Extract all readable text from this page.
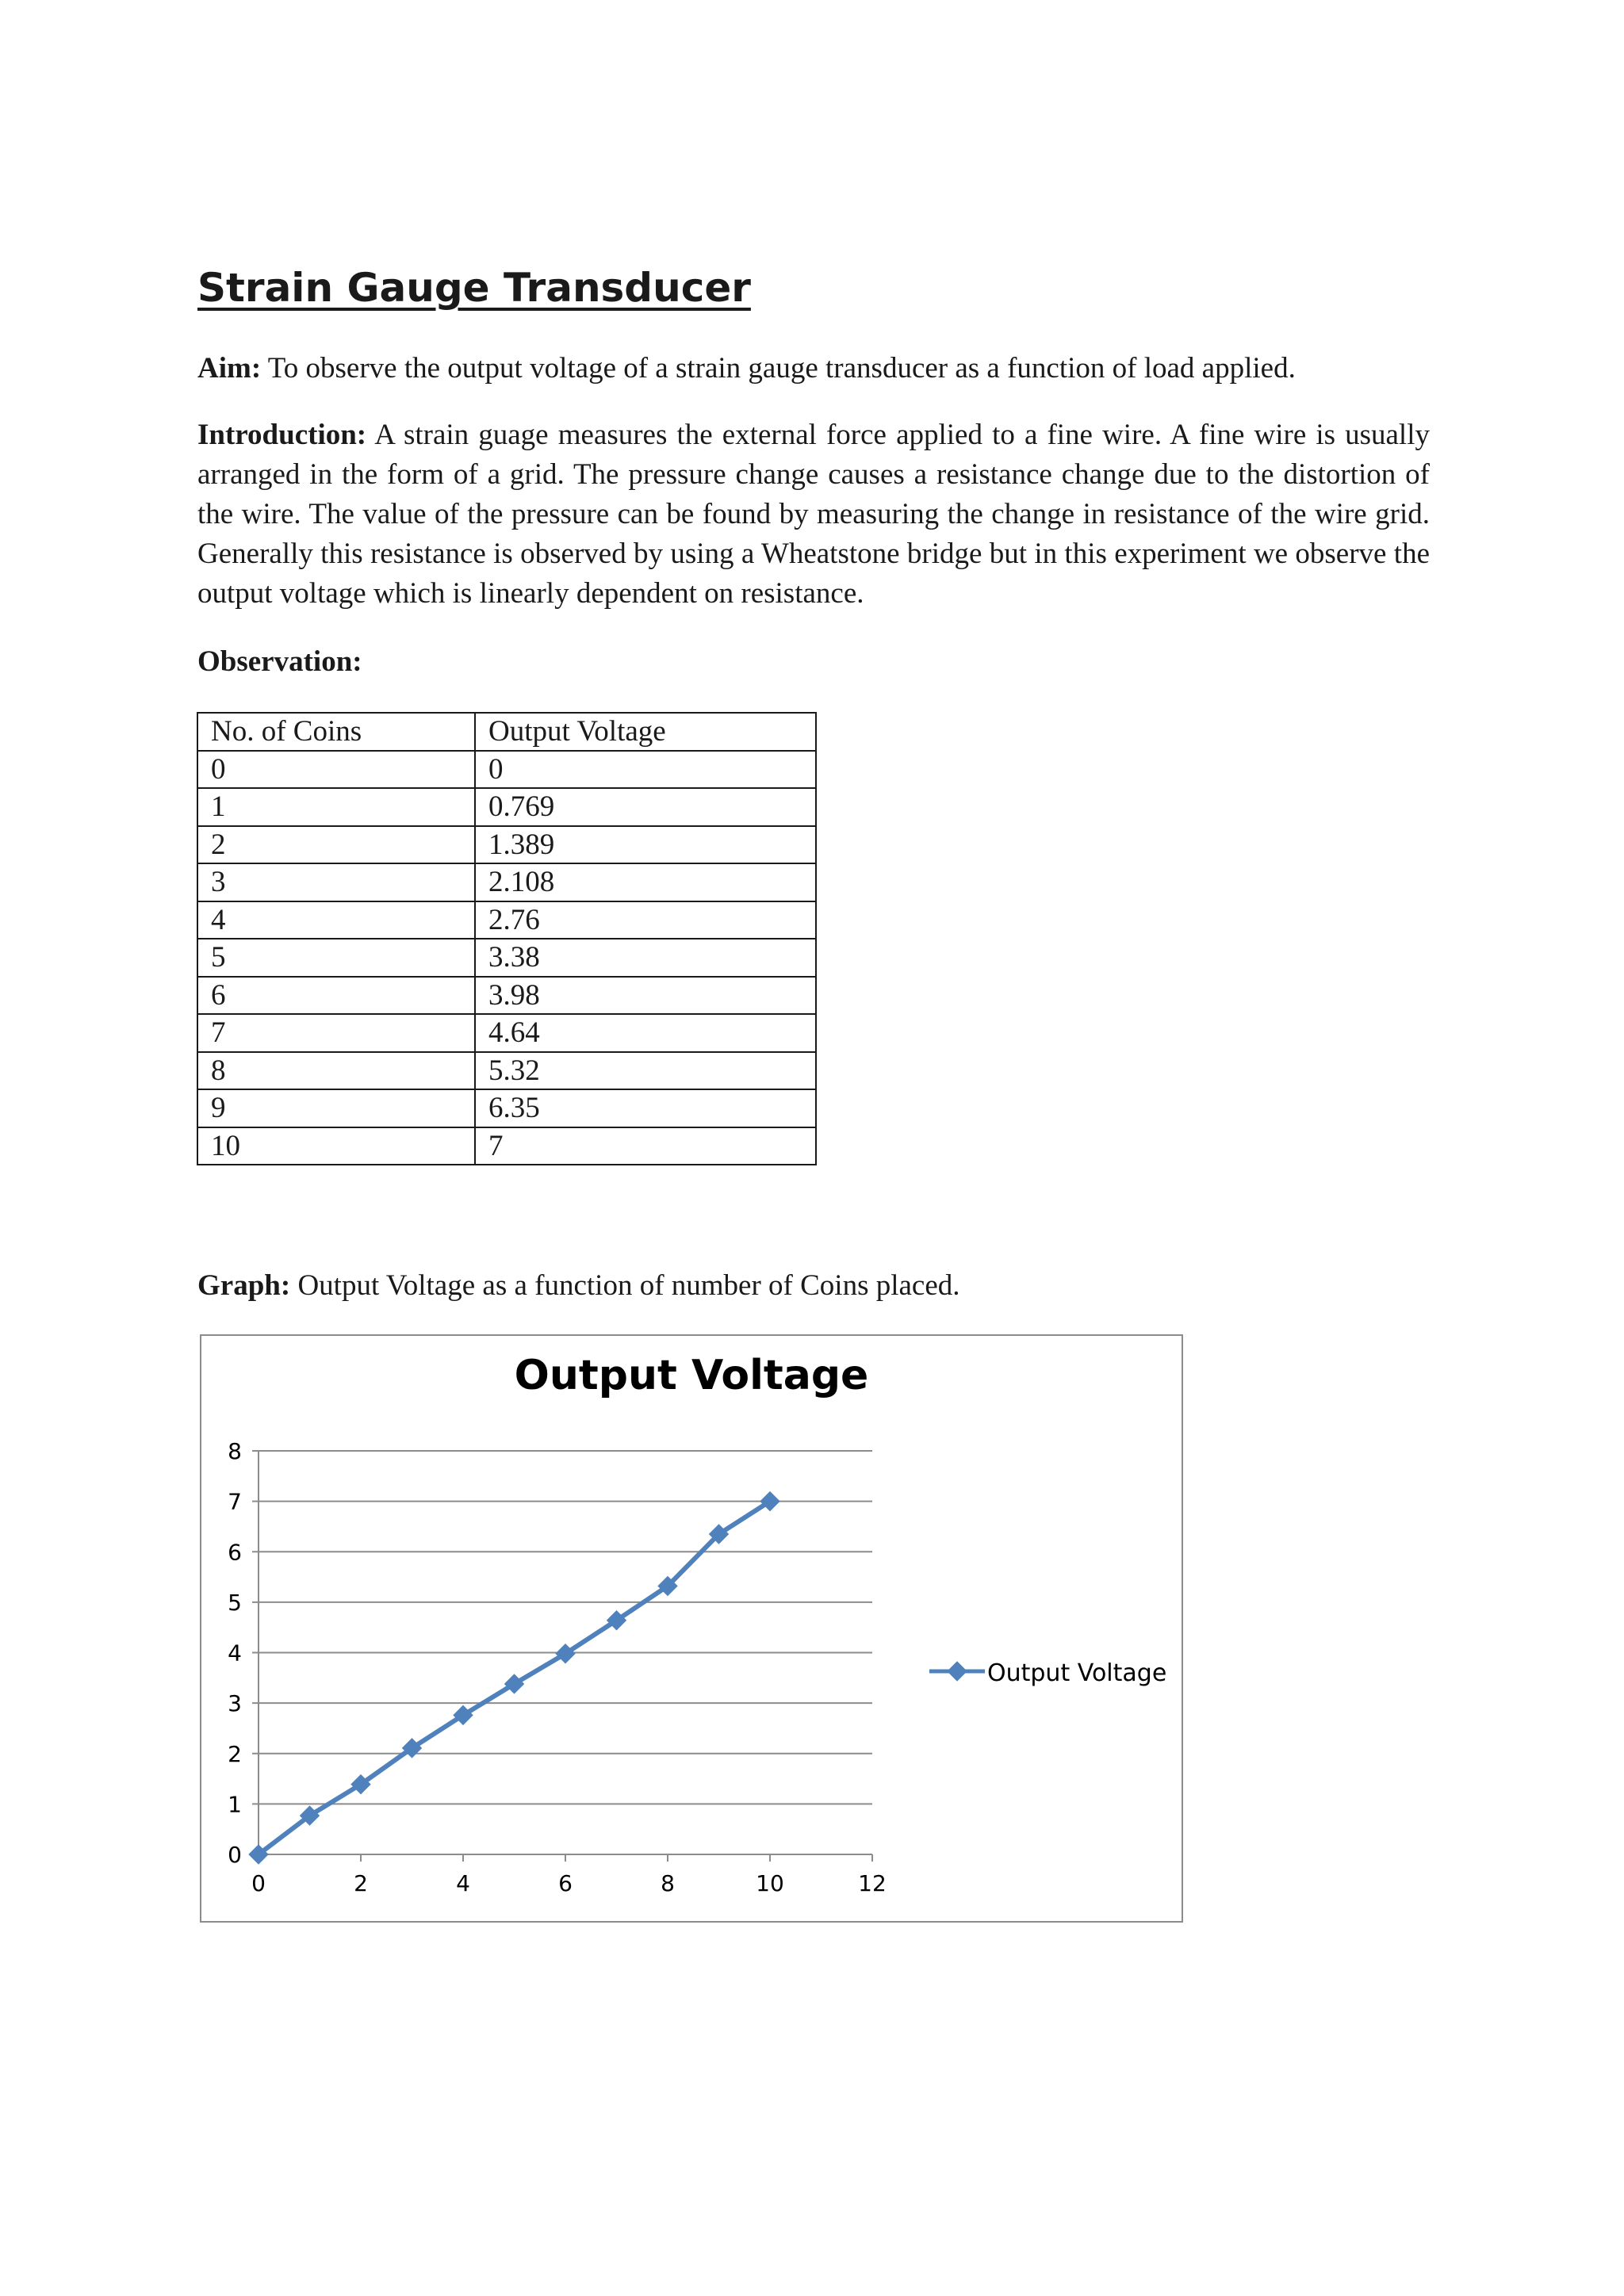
Strain Gauge Transducer

Aim: To observe the output voltage of a strain gauge transducer as a function of load applied.

Introduction: A strain guage measures the external force applied to a fine wire. A fine wire is usually arranged in the form of a grid. The pressure change causes a resistance change due to the distortion of the wire. The value of the pressure can be found by measuring the change in resistance of the wire grid. Generally this resistance is observed by using a Wheatstone bridge but in this experiment we observe the output voltage which is linearly dependent on resistance.

Observation:

No. of Coins	Output Voltage
0	0
1	0.769
2	1.389
3	2.108
4	2.76
5	3.38
6	3.98
7	4.64
8	5.32
9	6.35
10	7

Graph: Output Voltage as a function of number of Coins placed.

0
1
2
3
4
5
6
7
8
0	2	4	6	8	10	12
Output Voltage
Output Voltage
